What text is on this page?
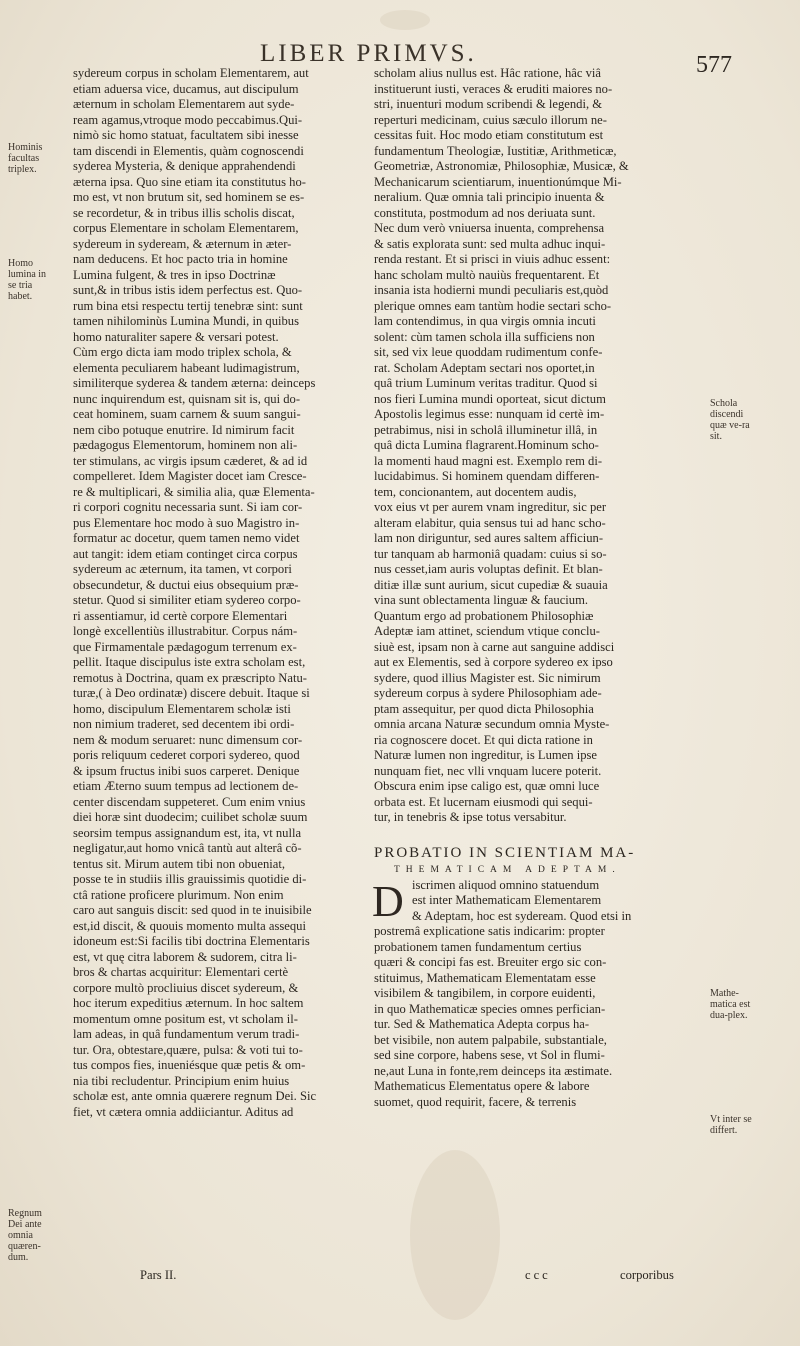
LIBER PRIMVS.	577
sydereum corpus in scholam Elementarem, aut
etiam aduersa vice, ducamus, aut discipulum
æternum in scholam Elementarem aut syde-
ream agamus,vtroque modo peccabimus.Qui-
nimò sic homo statuat, facultatem sibi inesse
tam discendi in Elementis, quàm cognoscendi
syderea Mysteria, & denique apprahendendi
æterna ipsa. Quo sine etiam ita constitutus ho-
mo est, vt non brutum sit, sed hominem se es-
se recordetur, & in tribus illis scholis discat,
corpus Elementare in scholam Elementarem,
sydereum in sydeream, & æternum in æter-
nam deducens. Et hoc pacto tria in homine
Lumina fulgent, & tres in ipso Doctrinæ
sunt,& in tribus istis idem perfectus est. Quo-
rum bina etsi respectu tertij tenebræ sint: sunt
tamen nihilominùs Lumina Mundi, in quibus
homo naturaliter sapere & versari potest.
Cùm ergo dicta iam modo triplex schola, &
elementa peculiarem habeant ludimagistrum,
similiterque syderea & tandem æterna: deinceps
nunc inquirendum est, quisnam sit is, qui do-
ceat hominem, suam carnem & suum sangui-
nem cibo potuque enutrire. Id nimirum facit
pædagogus Elementorum, hominem non ali-
ter stimulans, ac virgis ipsum cæderet, & ad id
compelleret. Idem Magister docet iam Cresce-
re & multiplicari, & similia alia, quæ Elementa-
ri corpori cognitu necessaria sunt. Si iam cor-
pus Elementare hoc modo à suo Magistro in-
formatur ac docetur, quem tamen nemo videt
aut tangit: idem etiam continget circa corpus
sydereum ac æternum, ita tamen, vt corpori
obsecundetur, & ductui eius obsequium præ-
stetur. Quod si similiter etiam sydereo corpo-
ri assentiamur, id certè corpore Elementari
longè excellentiùs illustrabitur. Corpus nám-
que Firmamentale pædagogum terrenum ex-
pellit. Itaque discipulus iste extra scholam est,
remotus à Doctrina, quam ex præscripto Natu-
turæ,( à Deo ordinatæ) discere debuit. Itaque si
homo, discipulum Elementarem scholæ isti
non nimium traderet, sed decentem ibi ordi-
nem & modum seruaret: nunc dimensum cor-
poris reliquum cederet corpori sydereo, quod
& ipsum fructus inibi suos carperet. Denique
etiam Æterno suum tempus ad lectionem de-
center discendam suppeteret. Cum enim vnius
diei horæ sint duodecim; cuilibet scholæ suum
seorsim tempus assignandum est, ita, vt nulla
negligatur,aut homo vnicâ tantù aut alterâ cõ-
tentus sit. Mirum autem tibi non obueniat,
posse te in studiis illis grauissimis quotidie di-
ctâ ratione proficere plurimum. Non enim
caro aut sanguis discit: sed quod in te inuisibile
est,id discit, & quouis momento multa assequi
idoneum est:Si facilis tibi doctrina Elementaris
est, vt quę citra laborem & sudorem, citra li-
bros & chartas acquiritur: Elementari certè
corpore multò procliuius discet sydereum, &
hoc iterum expeditius æternum. In hoc saltem
momentum omne positum est, vt scholam il-
lam adeas, in quâ fundamentum verum tradi-
tur. Ora, obtestare,quære, pulsa: & voti tui to-
tus compos fies, inueniésque quæ petis & om-
nia tibi recludentur. Principium enim huius
scholæ est, ante omnia quærere regnum Dei. Sic
fiet, vt cætera omnia addiiciantur. Aditus ad
scholam alius nullus est. Hâc ratione, hâc viâ
instituerunt iusti, veraces & eruditi maiores no-
stri, inuenturi modum scribendi & legendi, &
reperturi medicinam, cuius sæculo illorum ne-
cessitas fuit. Hoc modo etiam constitutum est
fundamentum Theologiæ, Iustitiæ, Arithmeticæ,
Geometriæ, Astronomiæ, Philosophiæ, Musicæ, &
Mechanicarum scientiarum, inuentionúmque Mi-
neralium. Quæ omnia tali principio inuenta &
constituta, postmodum ad nos deriuata sunt.
Nec dum verò vniuersa inuenta, comprehensa
& satis explorata sunt: sed multa adhuc inqui-
renda restant. Et si prisci in viuis adhuc essent:
hanc scholam multò nauiùs frequentarent. Et
insania ista hodierni mundi peculiaris est,quòd
plerique omnes eam tantùm hodie sectari scho-
lam contendimus, in qua virgis omnia incuti
solent: cùm tamen schola illa sufficiens non
sit, sed vix leue quoddam rudimentum confe-
rat. Scholam Adeptam sectari nos oportet,in
quâ trium Luminum veritas traditur. Quod si
nos fieri Lumina mundi oporteat, sicut dictum
Apostolis legimus esse: nunquam id certè im-
petrabimus, nisi in scholâ illuminetur illâ, in
quâ dicta Lumina flagrarent.Hominum scho-
la momenti haud magni est. Exemplo rem di-
lucidabimus. Si hominem quendam differen-
tem, concionantem, aut docentem audis,
vox eius vt per aurem vnam ingreditur, sic per
alteram elabitur, quia sensus tui ad hanc scho-
lam non diriguntur, sed aures saltem afficiun-
tur tanquam ab harmoniâ quadam: cuius si so-
nus cesset,iam auris voluptas definit. Et blan-
ditiæ illæ sunt aurium, sicut cupediæ & suauia
vina sunt oblectamenta linguæ & faucium.
Quantum ergo ad probationem Philosophiæ
Adeptæ iam attinet, sciendum vtique conclu-
siuè est, ipsam non à carne aut sanguine addisci
aut ex Elementis, sed à corpore sydereo ex ipso
sydere, quod illius Magister est. Sic nimirum
sydereum corpus à sydere Philosophiam ade-
ptam assequitur, per quod dicta Philosophia
omnia arcana Naturæ secundum omnia Myste-
ria cognoscere docet. Et qui dicta ratione in
Naturæ lumen non ingreditur, is Lumen ipse
nunquam fiet, nec vlli vnquam lucere poterit.
Obscura enim ipse caligo est, quæ omni luce
orbata est. Et lucernam eiusmodi qui sequi-
tur, in tenebris & ipse totus versabitur.
PROBATIO IN SCIENTIAM MA-
THEMATICAM ADEPTAM.
D iscrimen aliquod omnino statuendum
est inter Mathematicam Elementarem
& Adeptam, hoc est sydeream. Quod etsi in
postremâ explicatione satis indicarim: propter
probationem tamen fundamentum certius
quæri & concipi fas est. Breuiter ergo sic con-
stituimus, Mathematicam Elementatam esse
visibilem & tangibilem, in corpore euidenti,
in quo Mathematicæ species omnes perfician-
tur. Sed & Mathematica Adepta corpus ha-
bet visibile, non autem palpabile, substantiale,
sed sine corpore, habens sese, vt Sol in flumi-
ne,aut Luna in fonte,rem deinceps ita æstimate.
Mathematicus Elementatus opere & labore
suomet, quod requirit, facere, & terrenis
Hominis facultas triplex.
Homo lumina in se tria habet.
Regnum Dei ante omnia quæren-dum.
Schola discendi quæ ve-ra sit.
Mathe-matica est dua-plex.
Vt inter se differt.
Pars II.	ccc	corporibus
